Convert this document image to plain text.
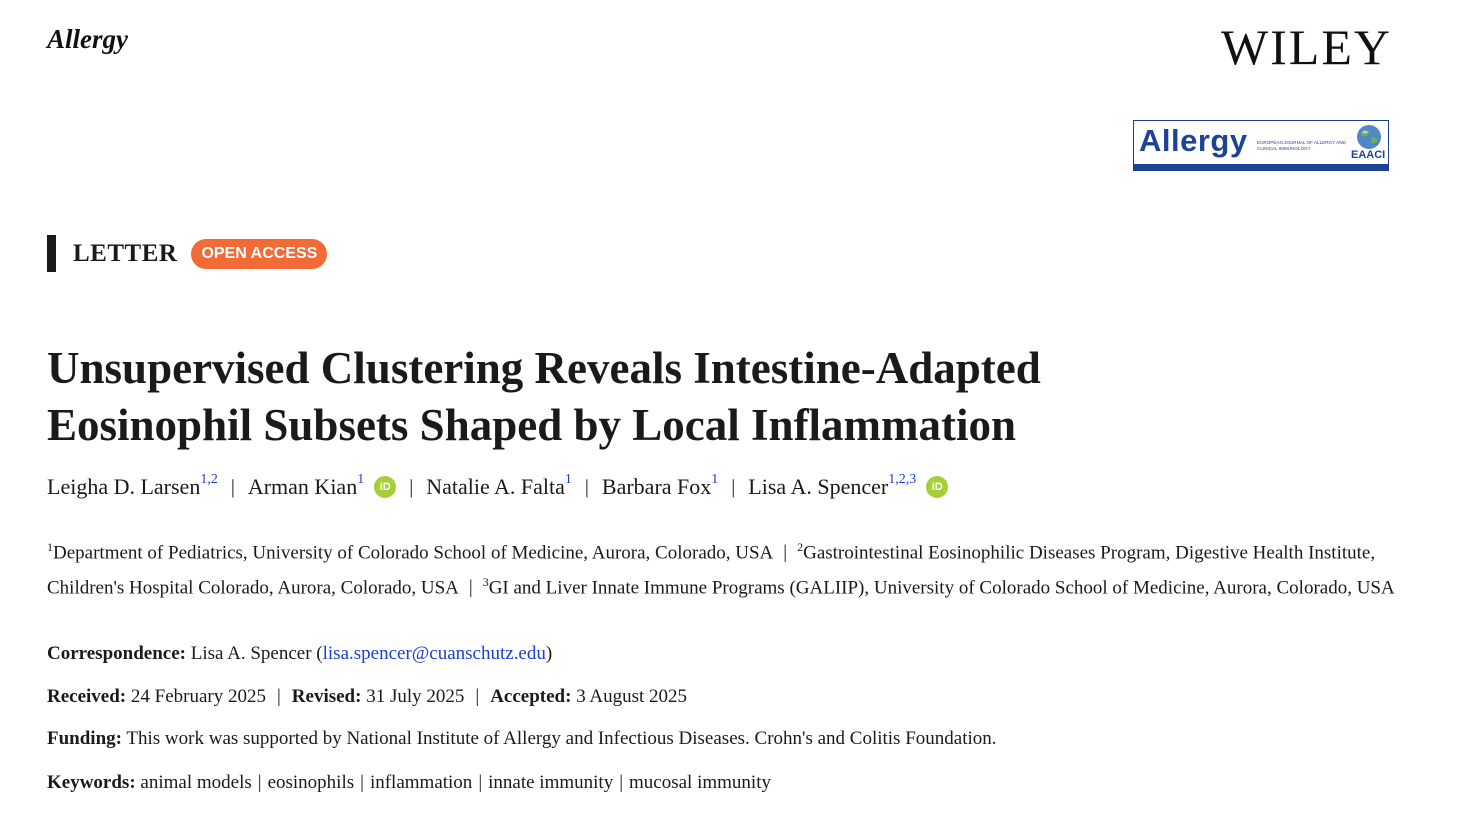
Allergy	WILEY
Allergy EUROPEAN JOURNAL OF ALLERGY AND CLINICAL IMMUNOLOGY
EAACI
LETTER	OPEN ACCESS
Unsupervised Clustering Reveals Intestine-Adapted
Eosinophil Subsets Shaped by Local Inflammation
Leigha D. Larsen$^{1,2}$ | Arman Kian$^1$	iD | Natalie A. Falta$^1$ | Barbara Fox$^1$ | Lisa A. Spencer$^{1,2,3}$	iD
$^1$Department of Pediatrics, University of Colorado School of Medicine, Aurora, Colorado, USA | $^2$Gastrointestinal Eosinophilic Diseases Program, Digestive Health Institute, Children's Hospital Colorado, Aurora, Colorado, USA | $^3$GI and Liver Innate Immune Programs (GALIIP), University of Colorado School of Medicine, Aurora, Colorado, USA
Correspondence: Lisa A. Spencer (lisa.spencer@cuanschutz.edu)
Received: 24 February 2025 | Revised: 31 July 2025 | Accepted: 3 August 2025
Funding: This work was supported by National Institute of Allergy and Infectious Diseases. Crohn's and Colitis Foundation.
Keywords: animal models | eosinophils | inflammation | innate immunity | mucosal immunity
